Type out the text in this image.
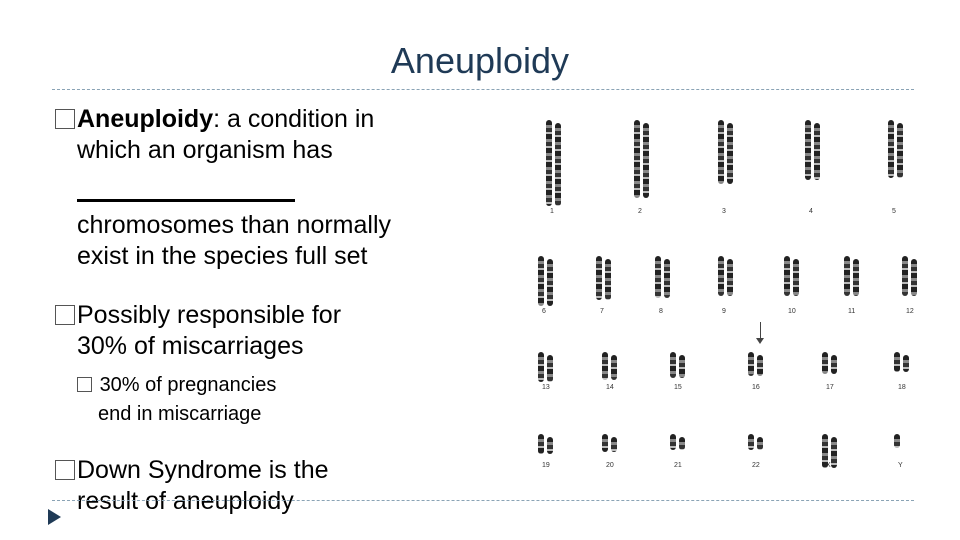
Aneuploidy
Aneuploidy: a condition in
which an organism has
chromosomes than normally
exist in the species full set
Possibly responsible for
30% of miscarriages
30% of pregnancies
end in miscarriage
Down Syndrome is the
result of aneuploidy
1	2	3	4	5
6	7	8	9	10	11	12
13	14	15	16	17	18
19	20	21	22	X	Y
